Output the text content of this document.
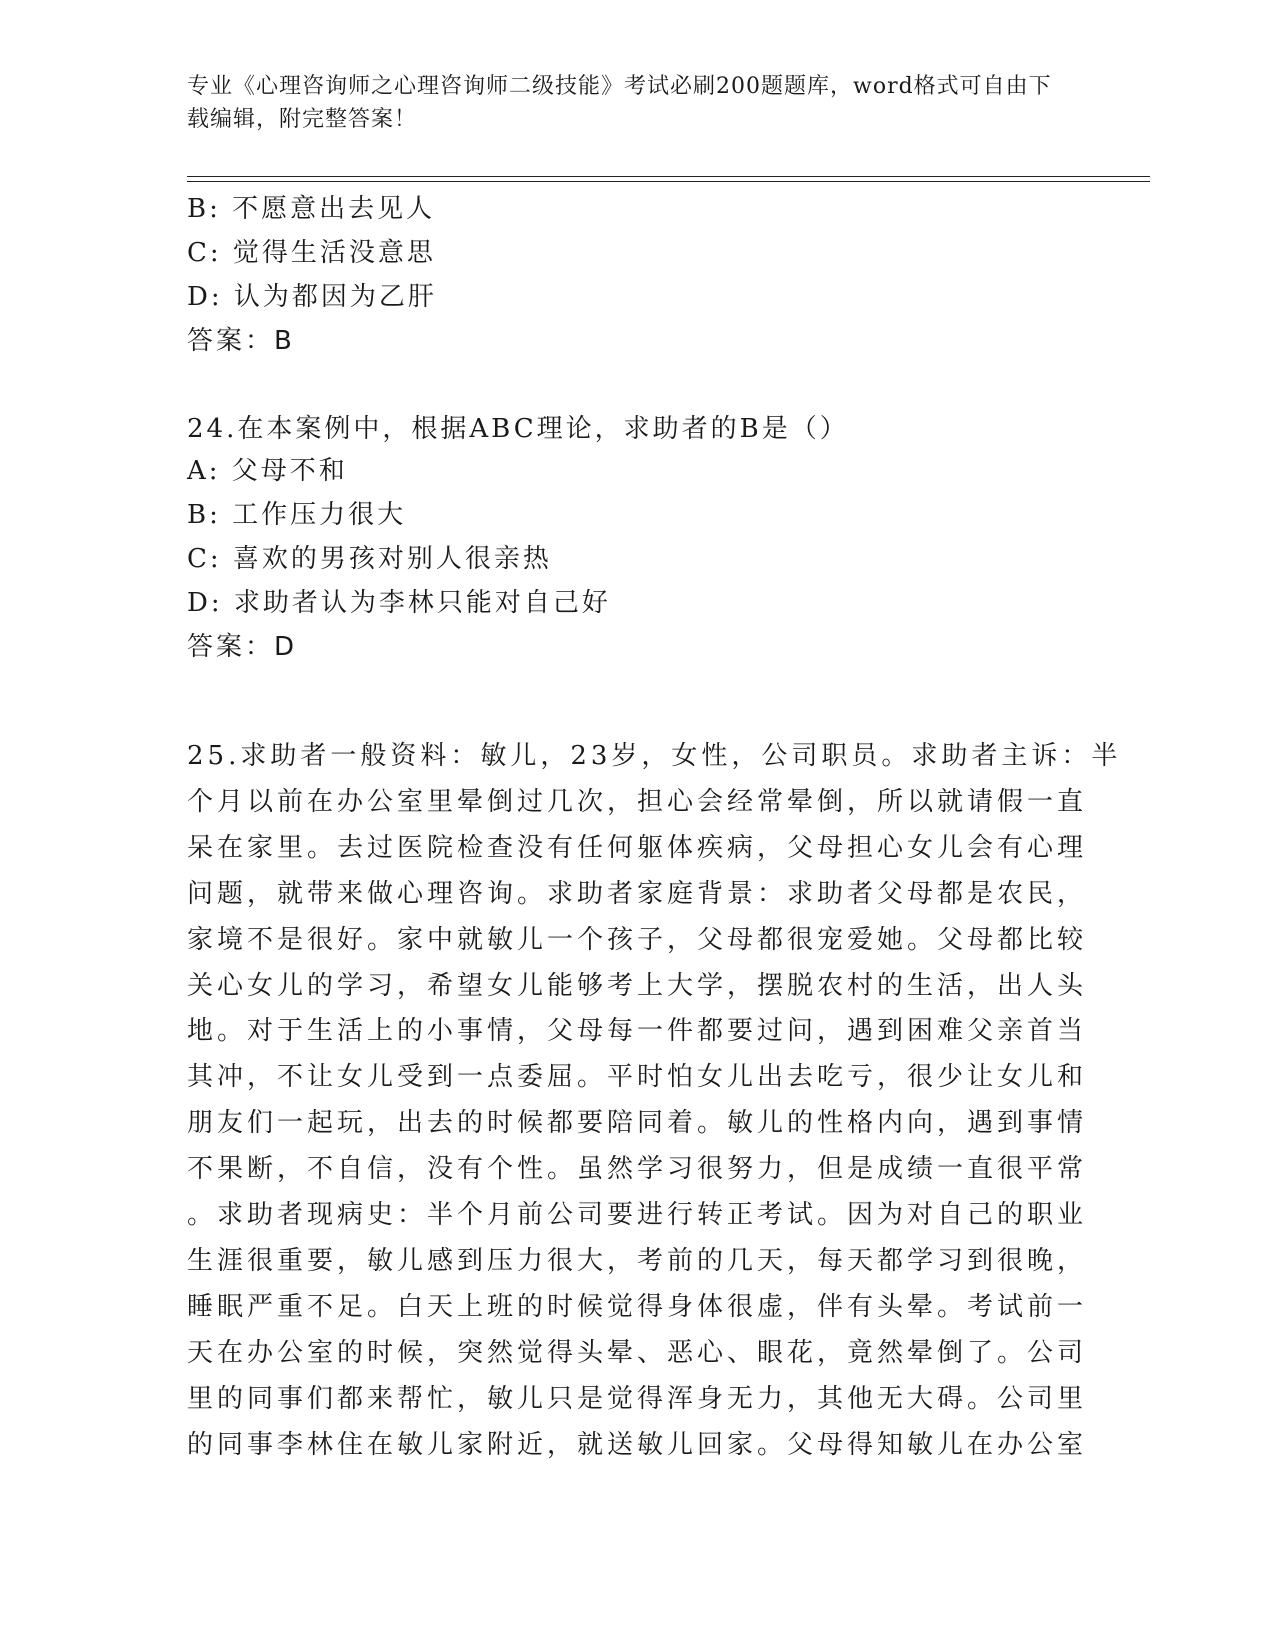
专业《心理咨询师之心理咨询师二级技能》考试必刷200题题库，word格式可自由下载编辑，附完整答案！
B: 不愿意出去见人
C: 觉得生活没意思
D: 认为都因为乙肝
答案：B
24.在本案例中，根据ABC理论，求助者的B是（）
A: 父母不和
B: 工作压力很大
C: 喜欢的男孩对别人很亲热
D: 求助者认为李林只能对自己好
答案：D
25.求助者一般资料：敏儿，23岁，女性，公司职员。求助者主诉：半
个月以前在办公室里晕倒过几次，担心会经常晕倒，所以就请假一直
呆在家里。去过医院检查没有任何躯体疾病，父母担心女儿会有心理
问题，就带来做心理咨询。求助者家庭背景：求助者父母都是农民，
家境不是很好。家中就敏儿一个孩子，父母都很宠爱她。父母都比较
关心女儿的学习，希望女儿能够考上大学，摆脱农村的生活，出人头
地。对于生活上的小事情，父母每一件都要过问，遇到困难父亲首当
其冲，不让女儿受到一点委屈。平时怕女儿出去吃亏，很少让女儿和
朋友们一起玩，出去的时候都要陪同着。敏儿的性格内向，遇到事情
不果断，不自信，没有个性。虽然学习很努力，但是成绩一直很平常
。求助者现病史：半个月前公司要进行转正考试。因为对自己的职业
生涯很重要，敏儿感到压力很大，考前的几天，每天都学习到很晚，
睡眠严重不足。白天上班的时候觉得身体很虚，伴有头晕。考试前一
天在办公室的时候，突然觉得头晕、恶心、眼花，竟然晕倒了。公司
里的同事们都来帮忙，敏儿只是觉得浑身无力，其他无大碍。公司里
的同事李林住在敏儿家附近，就送敏儿回家。父母得知敏儿在办公室
